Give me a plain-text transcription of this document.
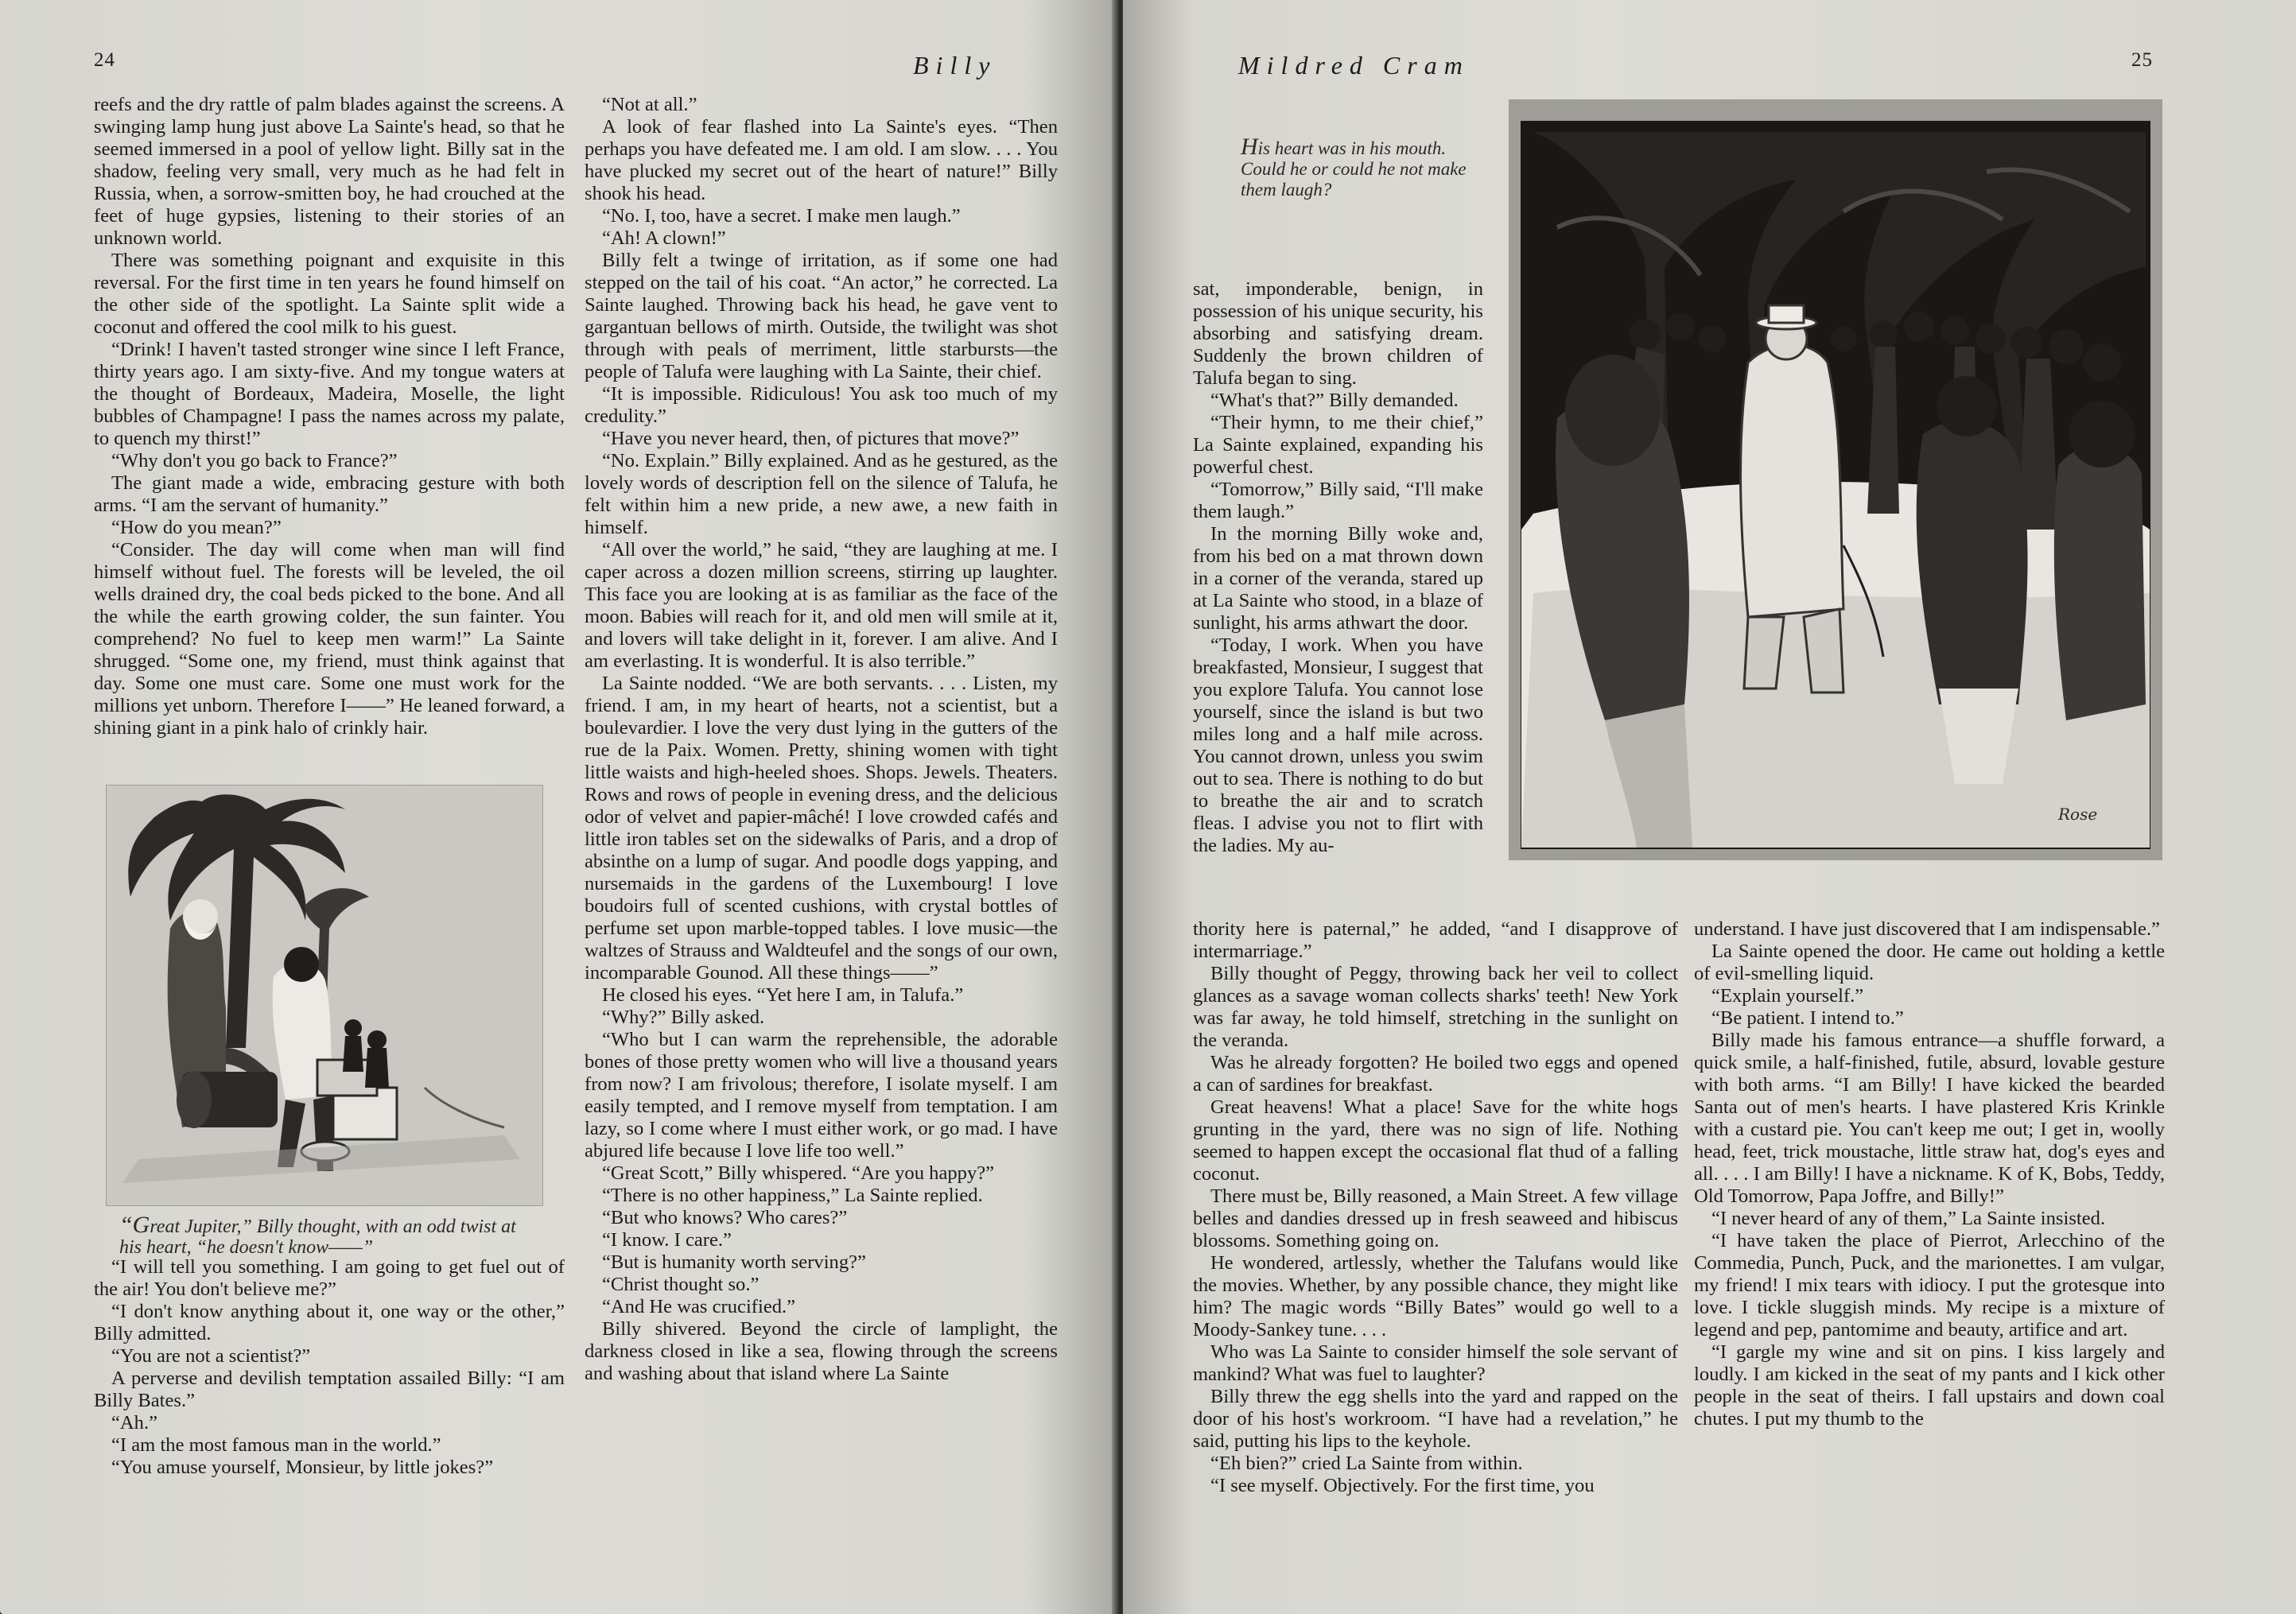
24	Billy

reefs and the dry rattle of palm blades against the screens. A swinging lamp hung just above La Sainte's head, so that he seemed immersed in a pool of yellow light. Billy sat in the shadow, feeling very small, very much as he had felt in Russia, when, a sorrow-smitten boy, he had crouched at the feet of huge gypsies, listening to their stories of an unknown world.

There was something poignant and exquisite in this reversal. For the first time in ten years he found himself on the other side of the spotlight. La Sainte split wide a coconut and offered the cool milk to his guest.

“Drink! I haven't tasted stronger wine since I left France, thirty years ago. I am sixty-five. And my tongue waters at the thought of Bordeaux, Madeira, Moselle, the light bubbles of Champagne! I pass the names across my palate, to quench my thirst!”

“Why don't you go back to France?”

The giant made a wide, embracing gesture with both arms. “I am the servant of humanity.”

“How do you mean?”

“Consider. The day will come when man will find himself without fuel. The forests will be leveled, the oil wells drained dry, the coal beds picked to the bone. And all the while the earth growing colder, the sun fainter. You comprehend? No fuel to keep men warm!” La Sainte shrugged. “Some one, my friend, must think against that day. Some one must care. Some one must work for the millions yet unborn. Therefore I——” He leaned forward, a shining giant in a pink halo of crinkly hair.

“Great Jupiter,” Billy thought, with an odd twist at his heart, “he doesn't know——”

“I will tell you something. I am going to get fuel out of the air! You don't believe me?”

“I don't know anything about it, one way or the other,” Billy admitted.

“You are not a scientist?”

A perverse and devilish temptation assailed Billy: “I am Billy Bates.”

“Ah.”

“I am the most famous man in the world.”

“You amuse yourself, Monsieur, by little jokes?”

“Not at all.”

A look of fear flashed into La Sainte's eyes. “Then perhaps you have defeated me. I am old. I am slow. . . . You have plucked my secret out of the heart of nature!” Billy shook his head.

“No. I, too, have a secret. I make men laugh.”

“Ah! A clown!”

Billy felt a twinge of irritation, as if some one had stepped on the tail of his coat. “An actor,” he corrected. La Sainte laughed. Throwing back his head, he gave vent to gargantuan bellows of mirth. Outside, the twilight was shot through with peals of merriment, little starbursts—the people of Talufa were laughing with La Sainte, their chief.

“It is impossible. Ridiculous! You ask too much of my credulity.”

“Have you never heard, then, of pictures that move?”

“No. Explain.” Billy explained. And as he gestured, as the lovely words of description fell on the silence of Talufa, he felt within him a new pride, a new awe, a new faith in himself.

“All over the world,” he said, “they are laughing at me. I caper across a dozen million screens, stirring up laughter. This face you are looking at is as familiar as the face of the moon. Babies will reach for it, and old men will smile at it, and lovers will take delight in it, forever. I am alive. And I am everlasting. It is wonderful. It is also terrible.”

La Sainte nodded. “We are both servants. . . . Listen, my friend. I am, in my heart of hearts, not a scientist, but a boulevardier. I love the very dust lying in the gutters of the rue de la Paix. Women. Pretty, shining women with tight little waists and high-heeled shoes. Shops. Jewels. Theaters. Rows and rows of people in evening dress, and the delicious odor of velvet and papier-mâché! I love crowded cafés and little iron tables set on the sidewalks of Paris, and a drop of absinthe on a lump of sugar. And poodle dogs yapping, and nursemaids in the gardens of the Luxembourg! I love boudoirs full of scented cushions, with crystal bottles of perfume set upon marble-topped tables. I love music—the waltzes of Strauss and Waldteufel and the songs of our own, incomparable Gounod. All these things——”

He closed his eyes. “Yet here I am, in Talufa.”

“Why?” Billy asked.

“Who but I can warm the reprehensible, the adorable bones of those pretty women who will live a thousand years from now? I am frivolous; therefore, I isolate myself. I am easily tempted, and I remove myself from temptation. I am lazy, so I come where I must either work, or go mad. I have abjured life because I love life too well.”

“Great Scott,” Billy whispered. “Are you happy?”

“There is no other happiness,” La Sainte replied.

“But who knows? Who cares?”

“I know. I care.”

“But is humanity worth serving?”

“Christ thought so.”

“And He was crucified.”

Billy shivered. Beyond the circle of lamplight, the darkness closed in like a sea, flowing through the screens and washing about that island where La Sainte

Mildred Cram	25
His heart was in his mouth. Could he or could he not make them laugh?
Rose

sat, imponderable, benign, in possession of his unique security, his absorbing and satisfying dream. Suddenly the brown children of Talufa began to sing.

“What's that?” Billy demanded.

“Their hymn, to me their chief,” La Sainte explained, expanding his powerful chest.

“Tomorrow,” Billy said, “I'll make them laugh.”

In the morning Billy woke and, from his bed on a mat thrown down in a corner of the veranda, stared up at La Sainte who stood, in a blaze of sunlight, his arms athwart the door.

“Today, I work. When you have breakfasted, Monsieur, I suggest that you explore Talufa. You cannot lose yourself, since the island is but two miles long and a half mile across. You cannot drown, unless you swim out to sea. There is nothing to do but to breathe the air and to scratch fleas. I advise you not to flirt with the ladies. My au-

thority here is paternal,” he added, “and I disapprove of intermarriage.”

Billy thought of Peggy, throwing back her veil to collect glances as a savage woman collects sharks' teeth! New York was far away, he told himself, stretching in the sunlight on the veranda.

Was he already forgotten? He boiled two eggs and opened a can of sardines for breakfast.

Great heavens! What a place! Save for the white hogs grunting in the yard, there was no sign of life. Nothing seemed to happen except the occasional flat thud of a falling coconut.

There must be, Billy reasoned, a Main Street. A few village belles and dandies dressed up in fresh seaweed and hibiscus blossoms. Something going on.

He wondered, artlessly, whether the Talufans would like the movies. Whether, by any possible chance, they might like him? The magic words “Billy Bates” would go well to a Moody-Sankey tune. . . .

Who was La Sainte to consider himself the sole servant of mankind? What was fuel to laughter?

Billy threw the egg shells into the yard and rapped on the door of his host's workroom. “I have had a revelation,” he said, putting his lips to the keyhole.

“Eh bien?” cried La Sainte from within.

“I see myself. Objectively. For the first time, you

understand. I have just discovered that I am indispensable.”

La Sainte opened the door. He came out holding a kettle of evil-smelling liquid.

“Explain yourself.”

“Be patient. I intend to.”

Billy made his famous entrance—a shuffle forward, a quick smile, a half-finished, futile, absurd, lovable gesture with both arms. “I am Billy! I have kicked the bearded Santa out of men's hearts. I have plastered Kris Krinkle with a custard pie. You can't keep me out; I get in, woolly head, feet, trick moustache, little straw hat, dog's eyes and all. . . . I am Billy! I have a nickname. K of K, Bobs, Teddy, Old Tomorrow, Papa Joffre, and Billy!”

“I never heard of any of them,” La Sainte insisted.

“I have taken the place of Pierrot, Arlecchino of the Commedia, Punch, Puck, and the marionettes. I am vulgar, my friend! I mix tears with idiocy. I put the grotesque into love. I tickle sluggish minds. My recipe is a mixture of legend and pep, pantomime and beauty, artifice and art.

“I gargle my wine and sit on pins. I kiss largely and loudly. I am kicked in the seat of my pants and I kick other people in the seat of theirs. I fall upstairs and down coal chutes. I put my thumb to the
